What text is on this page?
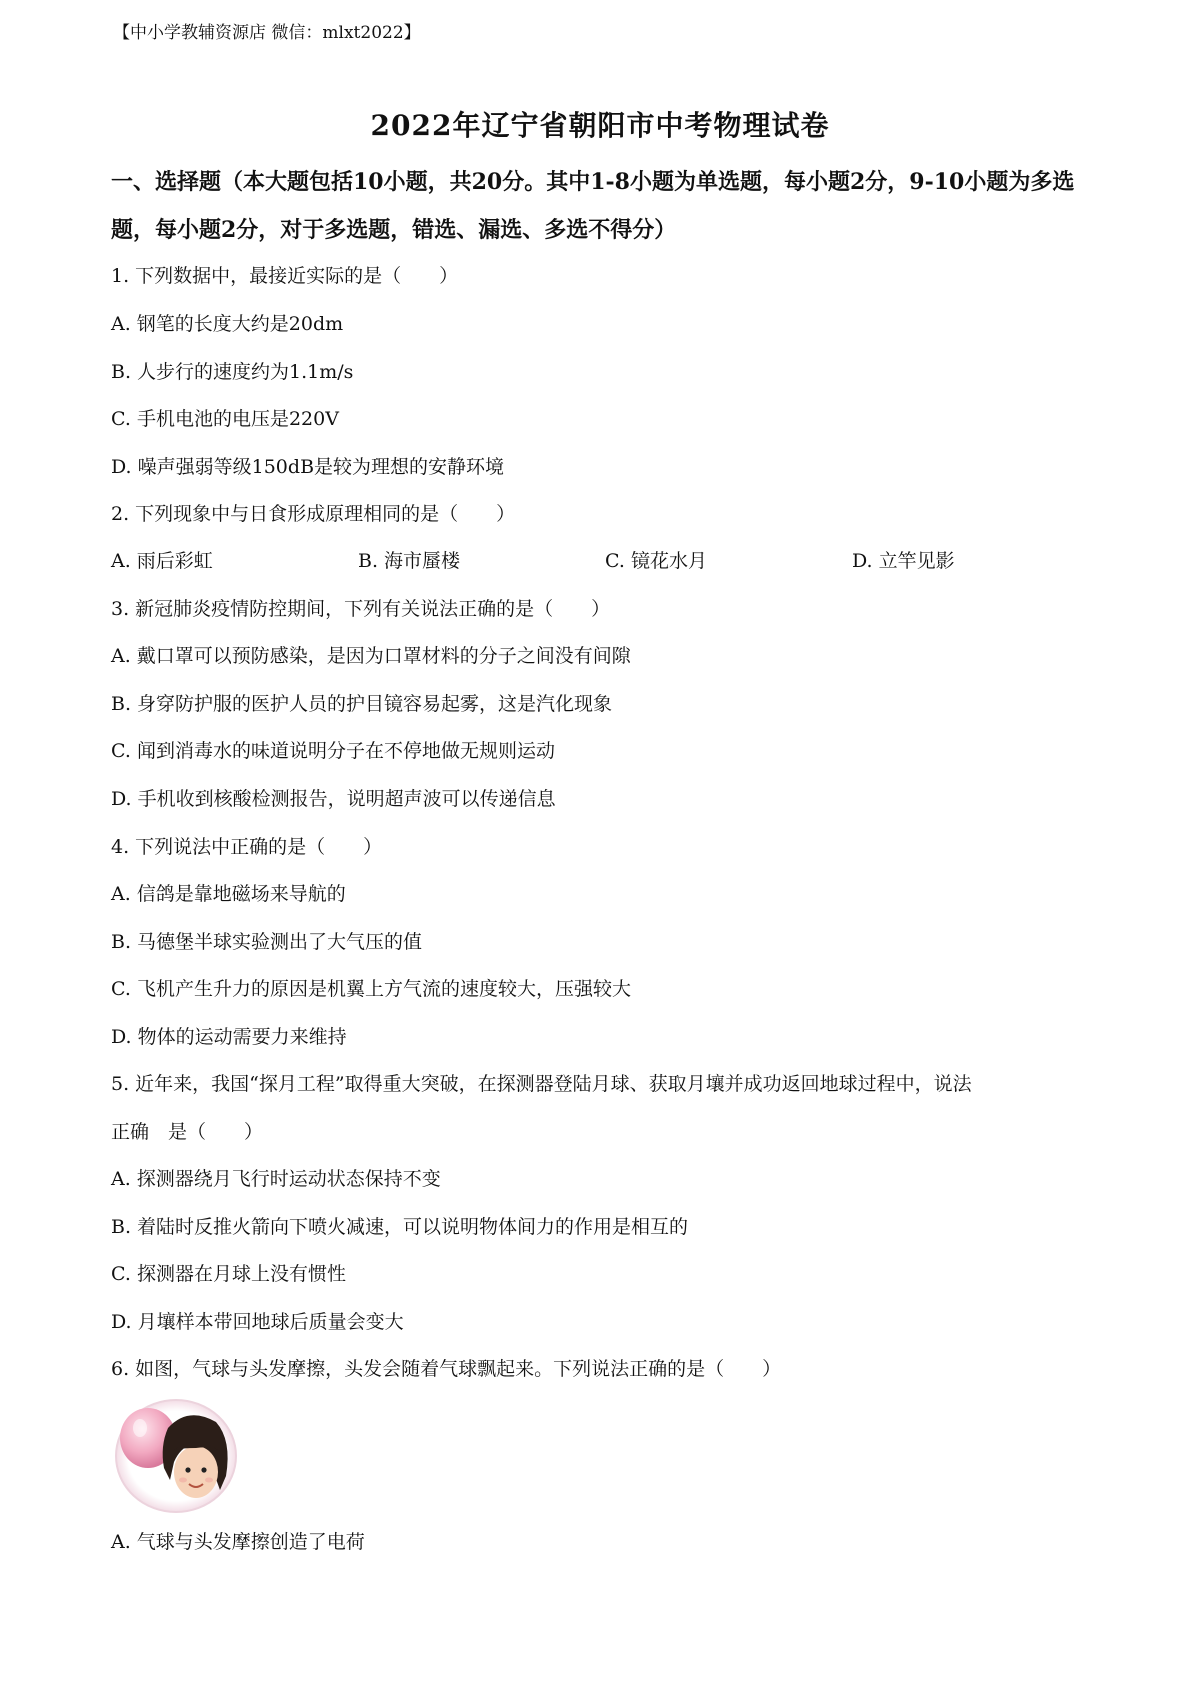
【中小学教辅资源店 微信：mlxt2022】
2022年辽宁省朝阳市中考物理试卷
一、选择题（本大题包括10小题，共20分。其中1-8小题为单选题，每小题2分，9-10小题为多选题，每小题2分，对于多选题，错选、漏选、多选不得分）
1. 下列数据中，最接近实际的是（　　）
A. 钢笔的长度大约是20dm
B. 人步行的速度约为1.1m/s
C. 手机电池的电压是220V
D. 噪声强弱等级150dB是较为理想的安静环境
2. 下列现象中与日食形成原理相同的是（　　）
A. 雨后彩虹	B. 海市蜃楼	C. 镜花水月	D. 立竿见影
3. 新冠肺炎疫情防控期间，下列有关说法正确的是（　　）
A. 戴口罩可以预防感染，是因为口罩材料的分子之间没有间隙
B. 身穿防护服的医护人员的护目镜容易起雾，这是汽化现象
C. 闻到消毒水的味道说明分子在不停地做无规则运动
D. 手机收到核酸检测报告，说明超声波可以传递信息
4. 下列说法中正确的是（　　）
A. 信鸽是靠地磁场来导航的
B. 马德堡半球实验测出了大气压的值
C. 飞机产生升力的原因是机翼上方气流的速度较大，压强较大
D. 物体的运动需要力来维持
5. 近年来，我国“探月工程”取得重大突破，在探测器登陆月球、获取月壤并成功返回地球过程中，说法
正确　是（　　）
A. 探测器绕月飞行时运动状态保持不变
B. 着陆时反推火箭向下喷火减速，可以说明物体间力的作用是相互的
C. 探测器在月球上没有惯性
D. 月壤样本带回地球后质量会变大
6. 如图，气球与头发摩擦，头发会随着气球飘起来。下列说法正确的是（　　）
A. 气球与头发摩擦创造了电荷
